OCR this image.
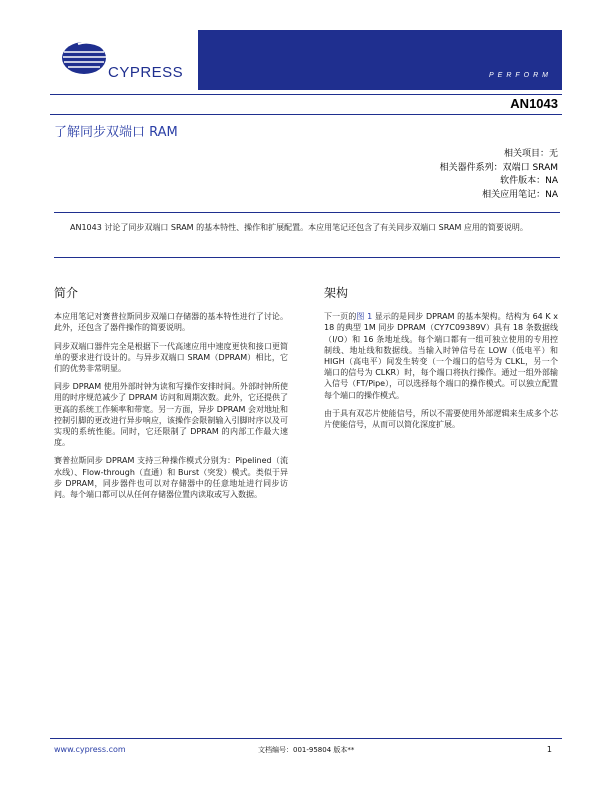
CYPRESS	PERFORM
AN1043
了解同步双端口 RAM
相关项目：无
相关器件系列：双端口 SRAM
软件版本：NA
相关应用笔记：NA

AN1043 讨论了同步双端口 SRAM 的基本特性、操作和扩展配置。本应用笔记还包含了有关同步双端口 SRAM 应用的简要说明。

简介

本应用笔记对赛普拉斯同步双端口存储器的基本特性进行了讨论。此外，还包含了器件操作的简要说明。

同步双端口器件完全是根据下一代高速应用中速度更快和接口更简单的要求进行设计的。与异步双端口 SRAM（DPRAM）相比，它们的优势非常明显。

同步 DPRAM 使用外部时钟为读和写操作安排时间。外部时钟所使用的时序规范减少了 DPRAM 访问和周期次数。此外，它还提供了更高的系统工作频率和带宽。另一方面，异步 DPRAM 会对地址和控制引脚的更改进行异步响应，该操作会限制输入引脚时序以及可实现的系统性能。同时，它还限制了 DPRAM 的内部工作最大速度。

赛普拉斯同步 DPRAM 支持三种操作模式分别为：Pipelined（流水线）、Flow-through（直通）和 Burst（突发）模式。类似于异步 DPRAM，同步器件也可以对存储器中的任意地址进行同步访问。每个端口都可以从任何存储器位置内读取或写入数据。

架构

下一页的图 1 显示的是同步 DPRAM 的基本架构。结构为 64 K x 18 的典型 1M 同步 DPRAM（CY7C09389V）具有 18 条数据线（I/O）和 16 条地址线。每个端口都有一组可独立使用的专用控制线、地址线和数据线。当输入时钟信号在 LOW（低电平）和 HIGH（高电平）间发生转变（一个端口的信号为 CLKL，另一个端口的信号为 CLKR）时，每个端口将执行操作。通过一组外部输入信号（FT/Pipe），可以选择每个端口的操作模式。可以独立配置每个端口的操作模式。

由于具有双芯片使能信号，所以不需要使用外部逻辑来生成多个芯片使能信号，从而可以简化深度扩展。

www.cypress.com	文档编号：001-95804 版本**	1
